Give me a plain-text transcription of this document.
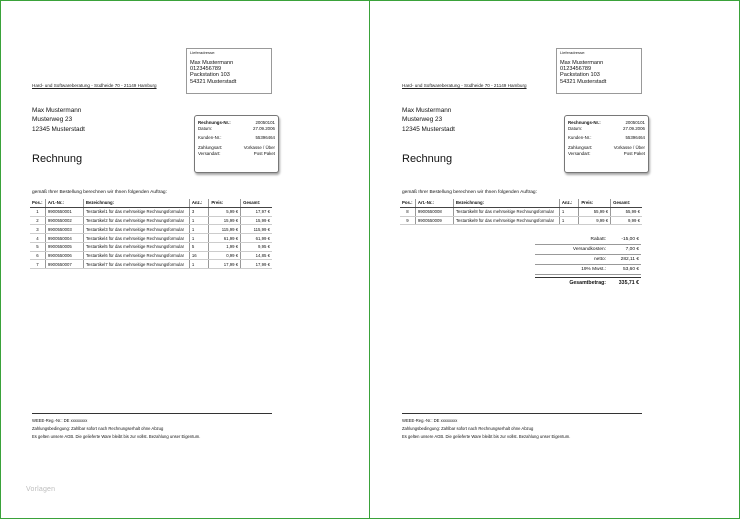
Lieferadresse:
Max Mustermann
0123456789
Packstation 103
54321 Musterstadt
Hard- und Softwareberatung - Südheide 70 - 21149 Hamburg
Max Mustermann
Musterweg 23
12345 Musterstadt
Rechnung
Rechnungs-Nr.:	20050101
Datum:	27.09.2006
Kunden-Nr.:	55396464
Zahlungsart:	Vorkasse / Über
Versandart:	Post Paket
gemäß Ihrer Bestellung berechnen wir Ihnen folgenden Auftrag:
Pos.:	Art.-Nr.:	Bezeichnung:	Anz.:	Preis:	Gesamt:
1	9900550001	Testartikel1 für das mehrseitige Rechnungsformular	3	5,99 €	17,97 €
2	9900550002	Testartikel2 für das mehrseitige Rechnungsformular	1	15,99 €	15,99 €
3	9900550003	Testartikel3 für das mehrseitige Rechnungsformular	1	115,99 €	115,99 €
4	9900550004	Testartikel4 für das mehrseitige Rechnungsformular	1	61,99 €	61,99 €
5	9900550005	Testartikel5 für das mehrseitige Rechnungsformular	5	1,99 €	9,95 €
6	9900550006	Testartikel6 für das mehrseitige Rechnungsformular	16	0,99 €	14,85 €
7	9900550007	Testartikel7 für das mehrseitige Rechnungsformular	1	17,99 €	17,99 €
WEEE-Reg.-Nr.: DE xxxxxxxx
Zahlungsbedingung: Zahlbar sofort nach Rechnungserhalt ohne Abzug
Es gelten unsere AGB. Die gelieferte Ware bleibt bis zur vollst. Bezahlung unser Eigentum.
Vorlagen
Lieferadresse:
Max Mustermann
0123456789
Packstation 103
54321 Musterstadt
Hard- und Softwareberatung - Südheide 70 - 21149 Hamburg
Max Mustermann
Musterweg 23
12345 Musterstadt
Rechnung
Rechnungs-Nr.:	20050101
Datum:	27.09.2006
Kunden-Nr.:	55396464
Zahlungsart:	Vorkasse / Über
Versandart:	Post Paket
gemäß Ihrer Bestellung berechnen wir Ihnen folgenden Auftrag:
Pos.:	Art.-Nr.:	Bezeichnung:	Anz.:	Preis:	Gesamt:
8	9900550008	Testartikel8 für das mehrseitige Rechnungsformular	1	55,99 €	55,99 €
9	9900550009	Testartikel9 für das mehrseitige Rechnungsformular	1	9,99 €	9,99 €
WEEE-Reg.-Nr.: DE xxxxxxxx
Zahlungsbedingung: Zahlbar sofort nach Rechnungserhalt ohne Abzug
Es gelten unsere AGB. Die gelieferte Ware bleibt bis zur vollst. Bezahlung unser Eigentum.
Rabatt:	-15,00 €
Versandkosten:	7,00 €
netto:	282,11 €
19% Mwst.:	53,60 €
Gesamtbetrag:	335,71 €
